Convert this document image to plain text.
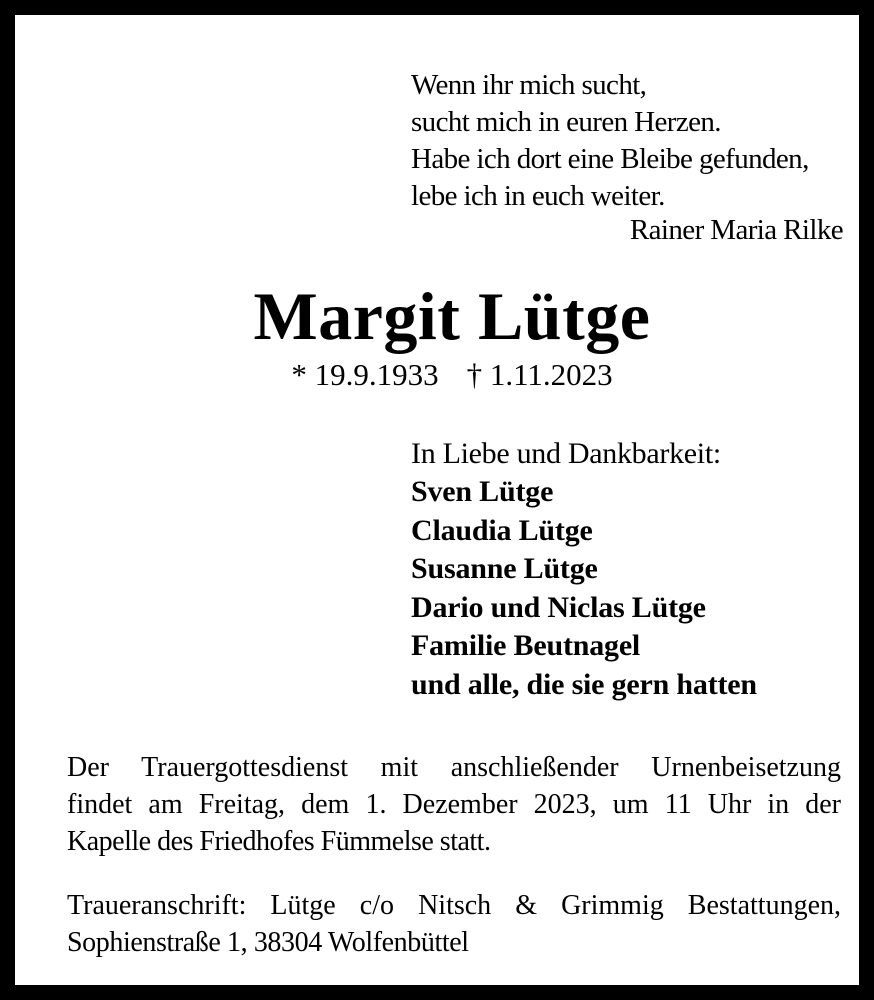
Wenn ihr mich sucht,
sucht mich in euren Herzen.
Habe ich dort eine Bleibe gefunden,
lebe ich in euch weiter.
Rainer Maria Rilke
Margit Lütge
* 19.9.1933 † 1.11.2023
In Liebe und Dankbarkeit:
Sven Lütge
Claudia Lütge
Susanne Lütge
Dario und Niclas Lütge
Familie Beutnagel
und alle, die sie gern hatten
Der Trauergottesdienst mit anschließender Urnenbeisetzung
findet am Freitag, dem 1. Dezember 2023, um 11 Uhr in der
Kapelle des Friedhofes Fümmelse statt.
Traueranschrift: Lütge c/o Nitsch & Grimmig Bestattungen,
Sophienstraße 1, 38304 Wolfenbüttel
